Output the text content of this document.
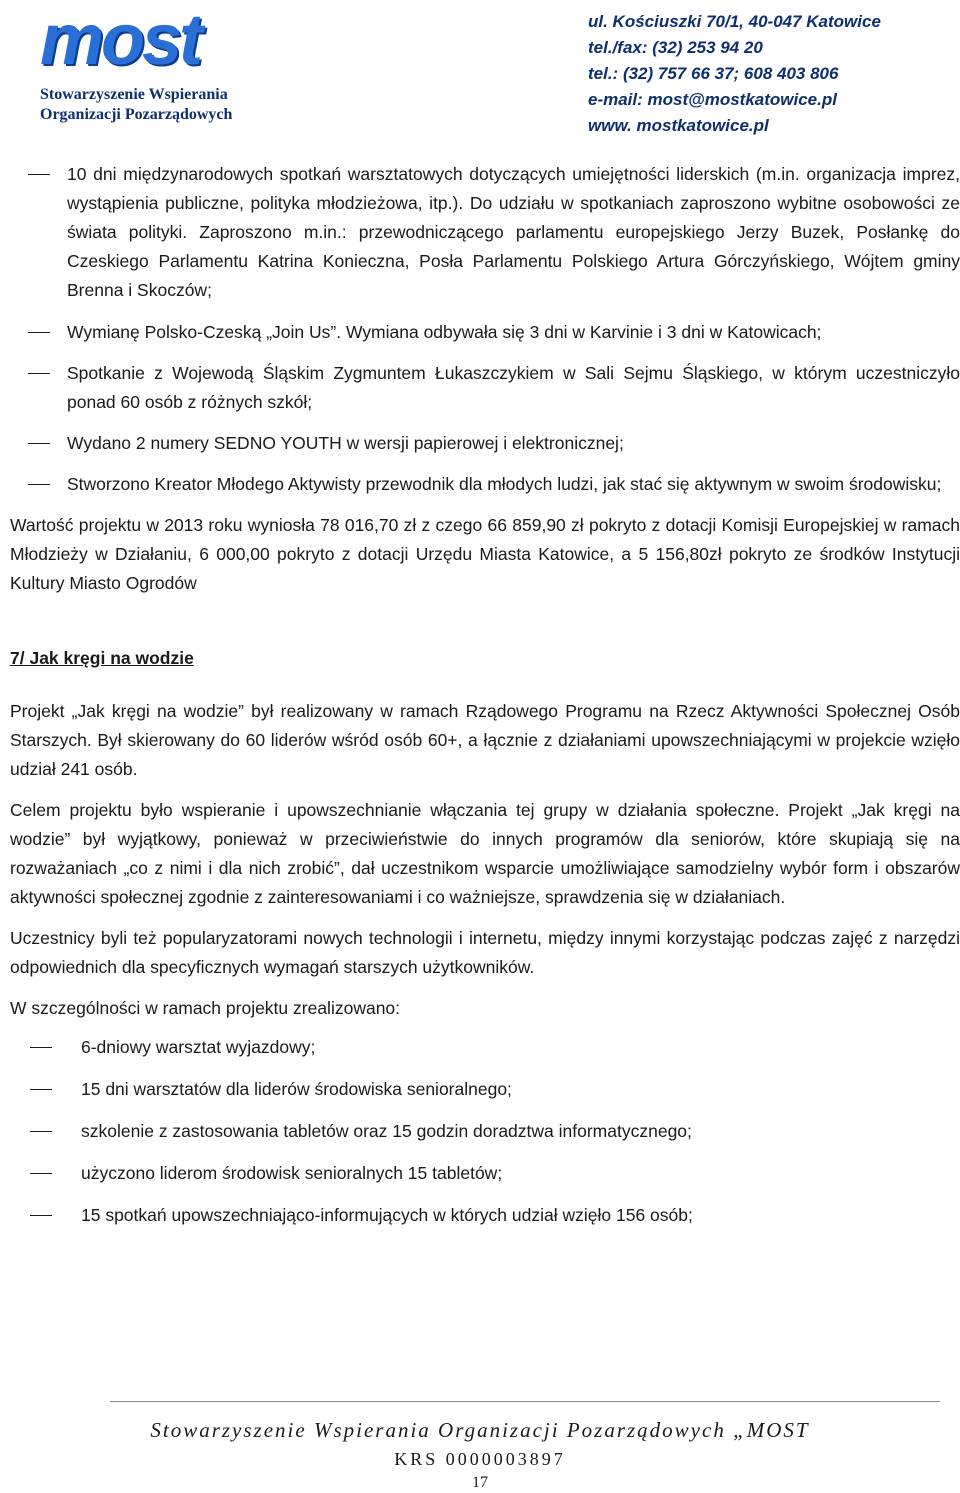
most
Stowarzyszenie Wspierania
Organizacji Pozarządowych
ul. Kościuszki 70/1, 40-047 Katowice
tel./fax: (32) 253 94 20
tel.: (32) 757 66 37; 608 403 806
e-mail: most@mostkatowice.pl
www. mostkatowice.pl
10 dni międzynarodowych spotkań warsztatowych dotyczących umiejętności liderskich (m.in. organizacja imprez, wystąpienia publiczne, polityka młodzieżowa, itp.). Do udziału w spotkaniach zaproszono wybitne osobowości ze świata polityki. Zaproszono m.in.: przewodniczącego parlamentu europejskiego Jerzy Buzek, Posłankę do Czeskiego Parlamentu Katrina Konieczna, Posła Parlamentu Polskiego Artura Górczyńskiego, Wójtem gminy Brenna i Skoczów;
Wymianę Polsko-Czeską „Join Us”. Wymiana odbywała się 3 dni w Karvinie i 3 dni w Katowicach;
Spotkanie z Wojewodą Śląskim Zygmuntem Łukaszczykiem w Sali Sejmu Śląskiego, w którym uczestniczyło ponad 60 osób z różnych szkół;
Wydano 2 numery SEDNO YOUTH w wersji papierowej i elektronicznej;
Stworzono Kreator Młodego Aktywisty przewodnik dla młodych ludzi, jak stać się aktywnym w swoim środowisku;

Wartość projektu w 2013 roku wyniosła 78 016,70 zł z czego 66 859,90 zł pokryto z dotacji Komisji Europejskiej w ramach Młodzieży w Działaniu, 6 000,00 pokryto z dotacji Urzędu Miasta Katowice, a 5 156,80zł pokryto ze środków Instytucji Kultury Miasto Ogrodów

7/ Jak kręgi na wodzie

Projekt „Jak kręgi na wodzie” był realizowany w ramach Rządowego Programu na Rzecz Aktywności Społecznej Osób Starszych. Był skierowany do 60 liderów wśród osób 60+, a łącznie z działaniami upowszechniającymi w projekcie wzięło udział 241 osób.

Celem projektu było wspieranie i upowszechnianie włączania tej grupy w działania społeczne. Projekt „Jak kręgi na wodzie” był wyjątkowy, ponieważ w przeciwieństwie do innych programów dla seniorów, które skupiają się na rozważaniach „co z nimi i dla nich zrobić”, dał uczestnikom wsparcie umożliwiające samodzielny wybór form i obszarów aktywności społecznej zgodnie z zainteresowaniami i co ważniejsze, sprawdzenia się w działaniach.

Uczestnicy byli też popularyzatorami nowych technologii i internetu, między innymi korzystając podczas zajęć z narzędzi odpowiednich dla specyficznych wymagań starszych użytkowników.

W szczególności w ramach projektu zrealizowano:

6-dniowy warsztat wyjazdowy;
15 dni warsztatów dla liderów środowiska senioralnego;
szkolenie z zastosowania tabletów oraz 15 godzin doradztwa informatycznego;
użyczono liderom środowisk senioralnych 15 tabletów;
15 spotkań upowszechniająco-informujących w których udział wzięło 156 osób;
Stowarzyszenie Wspierania Organizacji Pozarządowych „MOST
KRS 0000003897
17
